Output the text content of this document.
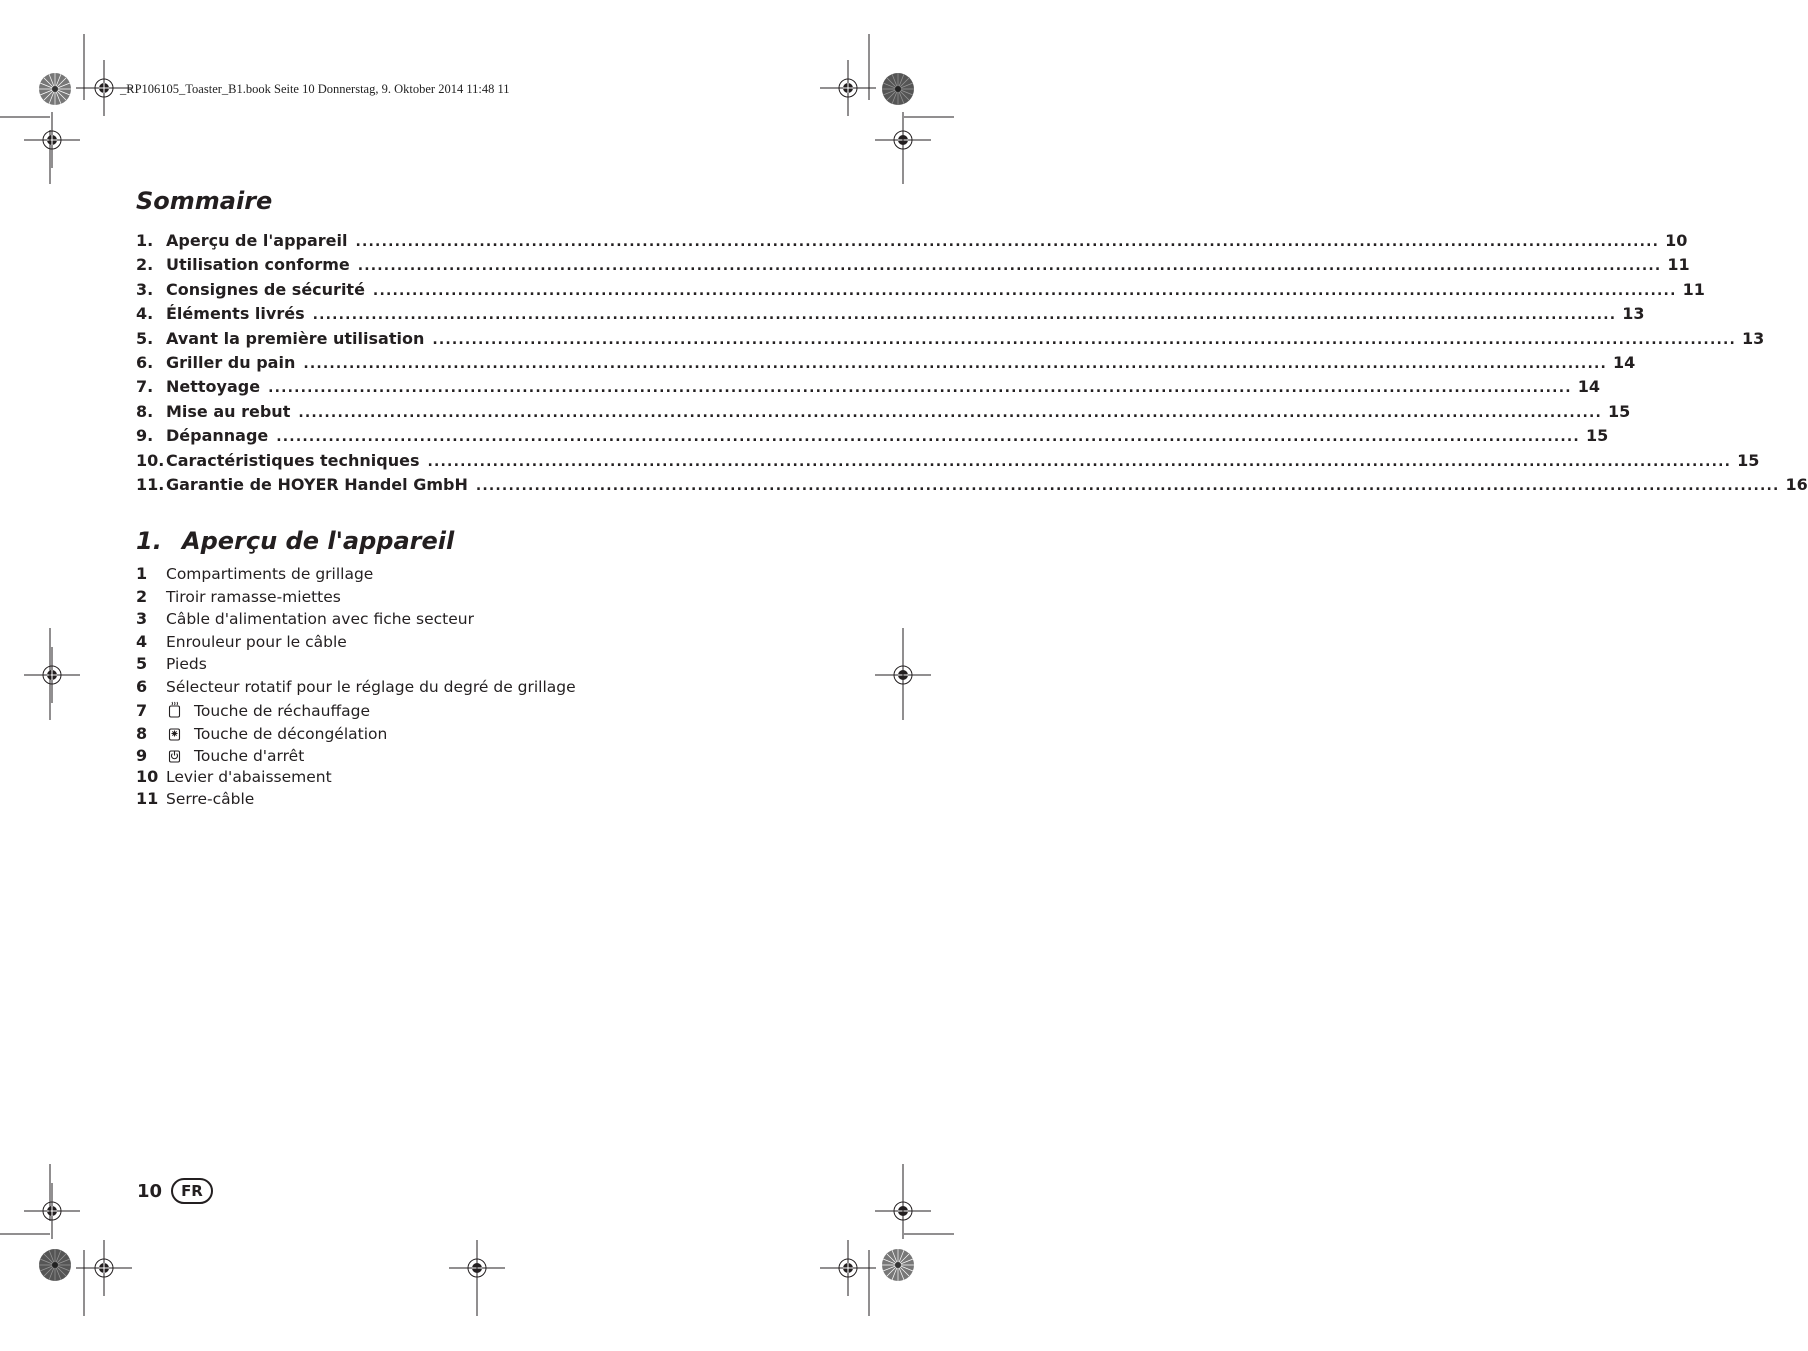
_RP106105_Toaster_B1.book Seite 10 Donnerstag, 9. Oktober 2014 11:48 11
Sommaire
1. Aperçu de l'appareil ........................................................................................................................................................................................................ 10
2. Utilisation conforme ........................................................................................................................................................................................................ 11
3. Consignes de sécurité ........................................................................................................................................................................................................ 11
4. Éléments livrés ........................................................................................................................................................................................................ 13
5. Avant la première utilisation ........................................................................................................................................................................................................ 13
6. Griller du pain ........................................................................................................................................................................................................ 14
7. Nettoyage ........................................................................................................................................................................................................ 14
8. Mise au rebut ........................................................................................................................................................................................................ 15
9. Dépannage ........................................................................................................................................................................................................ 15
10. Caractéristiques techniques ........................................................................................................................................................................................................ 15
11. Garantie de HOYER Handel GmbH ........................................................................................................................................................................................................ 16
1. Aperçu de l'appareil
1	Compartiments de grillage
2	Tiroir ramasse-miettes
3	Câble d'alimentation avec fiche secteur
4	Enrouleur pour le câble
5	Pieds
6	Sélecteur rotatif pour le réglage du degré de grillage
7	Touche de réchauffage
8	Touche de décongélation
9	Touche d'arrêt
10 Levier d'abaissement
11 Serre-câble
10	FR
